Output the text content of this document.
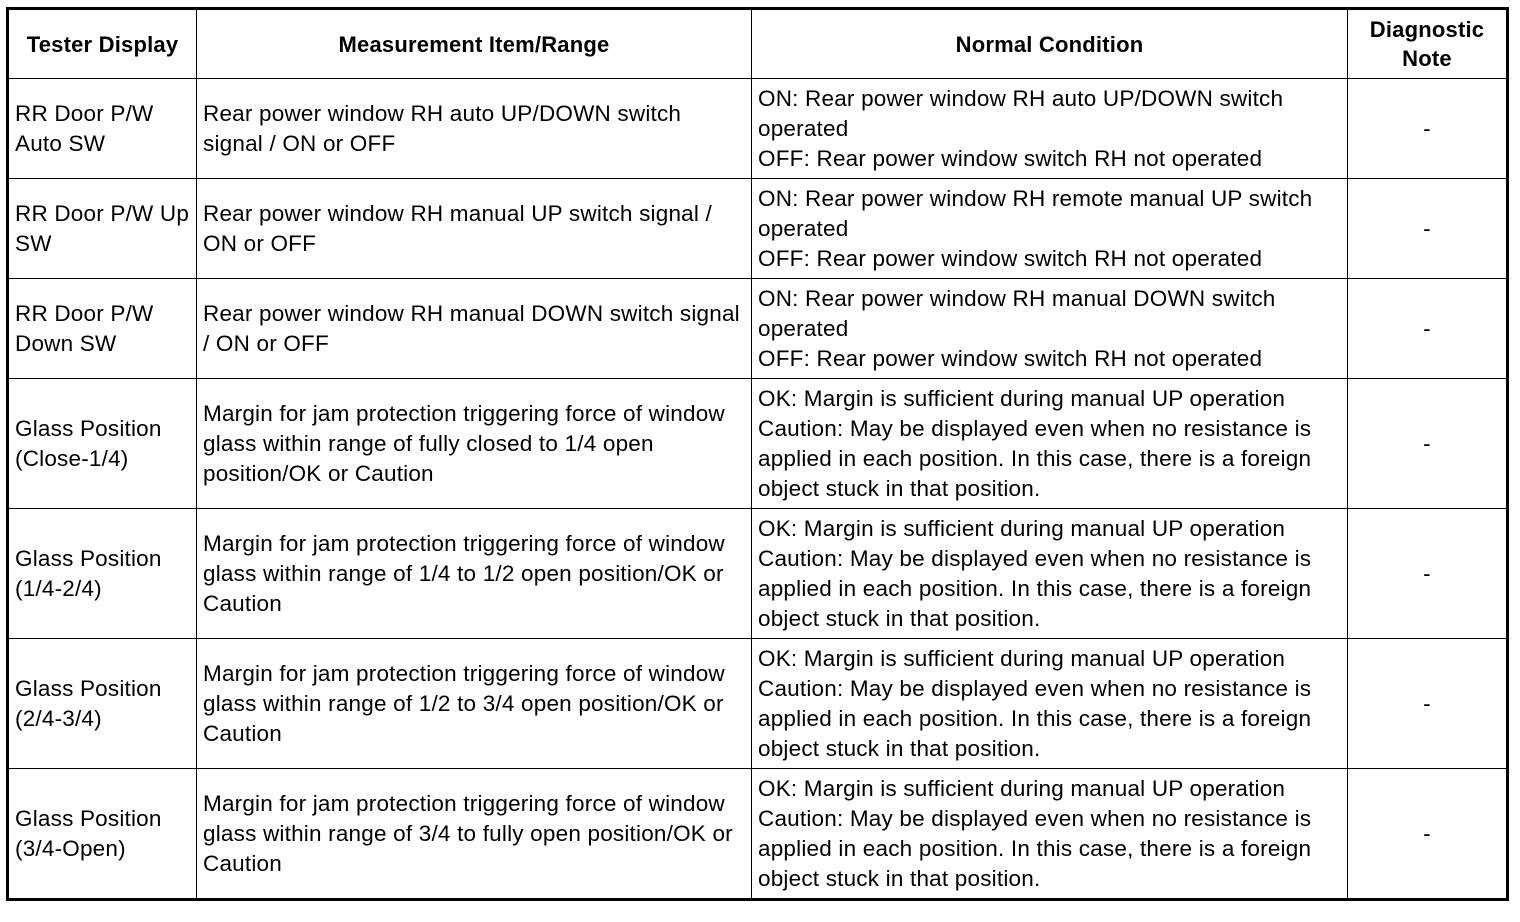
Tester Display	Measurement Item/Range	Normal Condition	Diagnostic Note

RR Door P/W Auto SW	Rear power window RH auto UP/DOWN switch signal / ON or OFF	ON: Rear power window RH auto UP/DOWN switch operated
OFF: Rear power window switch RH not operated	-

RR Door P/W Up SW	Rear power window RH manual UP switch signal / ON or OFF	ON: Rear power window RH remote manual UP switch operated
OFF: Rear power window switch RH not operated	-

RR Door P/W Down SW	Rear power window RH manual DOWN switch signal / ON or OFF	ON: Rear power window RH manual DOWN switch operated
OFF: Rear power window switch RH not operated	-

Glass Position (Close-1/4)	Margin for jam protection triggering force of window glass within range of fully closed to 1/4 open position/OK or Caution	OK: Margin is sufficient during manual UP operation
Caution: May be displayed even when no resistance is applied in each position. In this case, there is a foreign object stuck in that position.	-

Glass Position (1/4-2/4)	Margin for jam protection triggering force of window glass within range of 1/4 to 1/2 open position/OK or Caution	OK: Margin is sufficient during manual UP operation
Caution: May be displayed even when no resistance is applied in each position. In this case, there is a foreign object stuck in that position.	-

Glass Position (2/4-3/4)	Margin for jam protection triggering force of window glass within range of 1/2 to 3/4 open position/OK or Caution	OK: Margin is sufficient during manual UP operation
Caution: May be displayed even when no resistance is applied in each position. In this case, there is a foreign object stuck in that position.	-

Glass Position (3/4-Open)	Margin for jam protection triggering force of window glass within range of 3/4 to fully open position/OK or Caution	OK: Margin is sufficient during manual UP operation
Caution: May be displayed even when no resistance is applied in each position. In this case, there is a foreign object stuck in that position.	-
